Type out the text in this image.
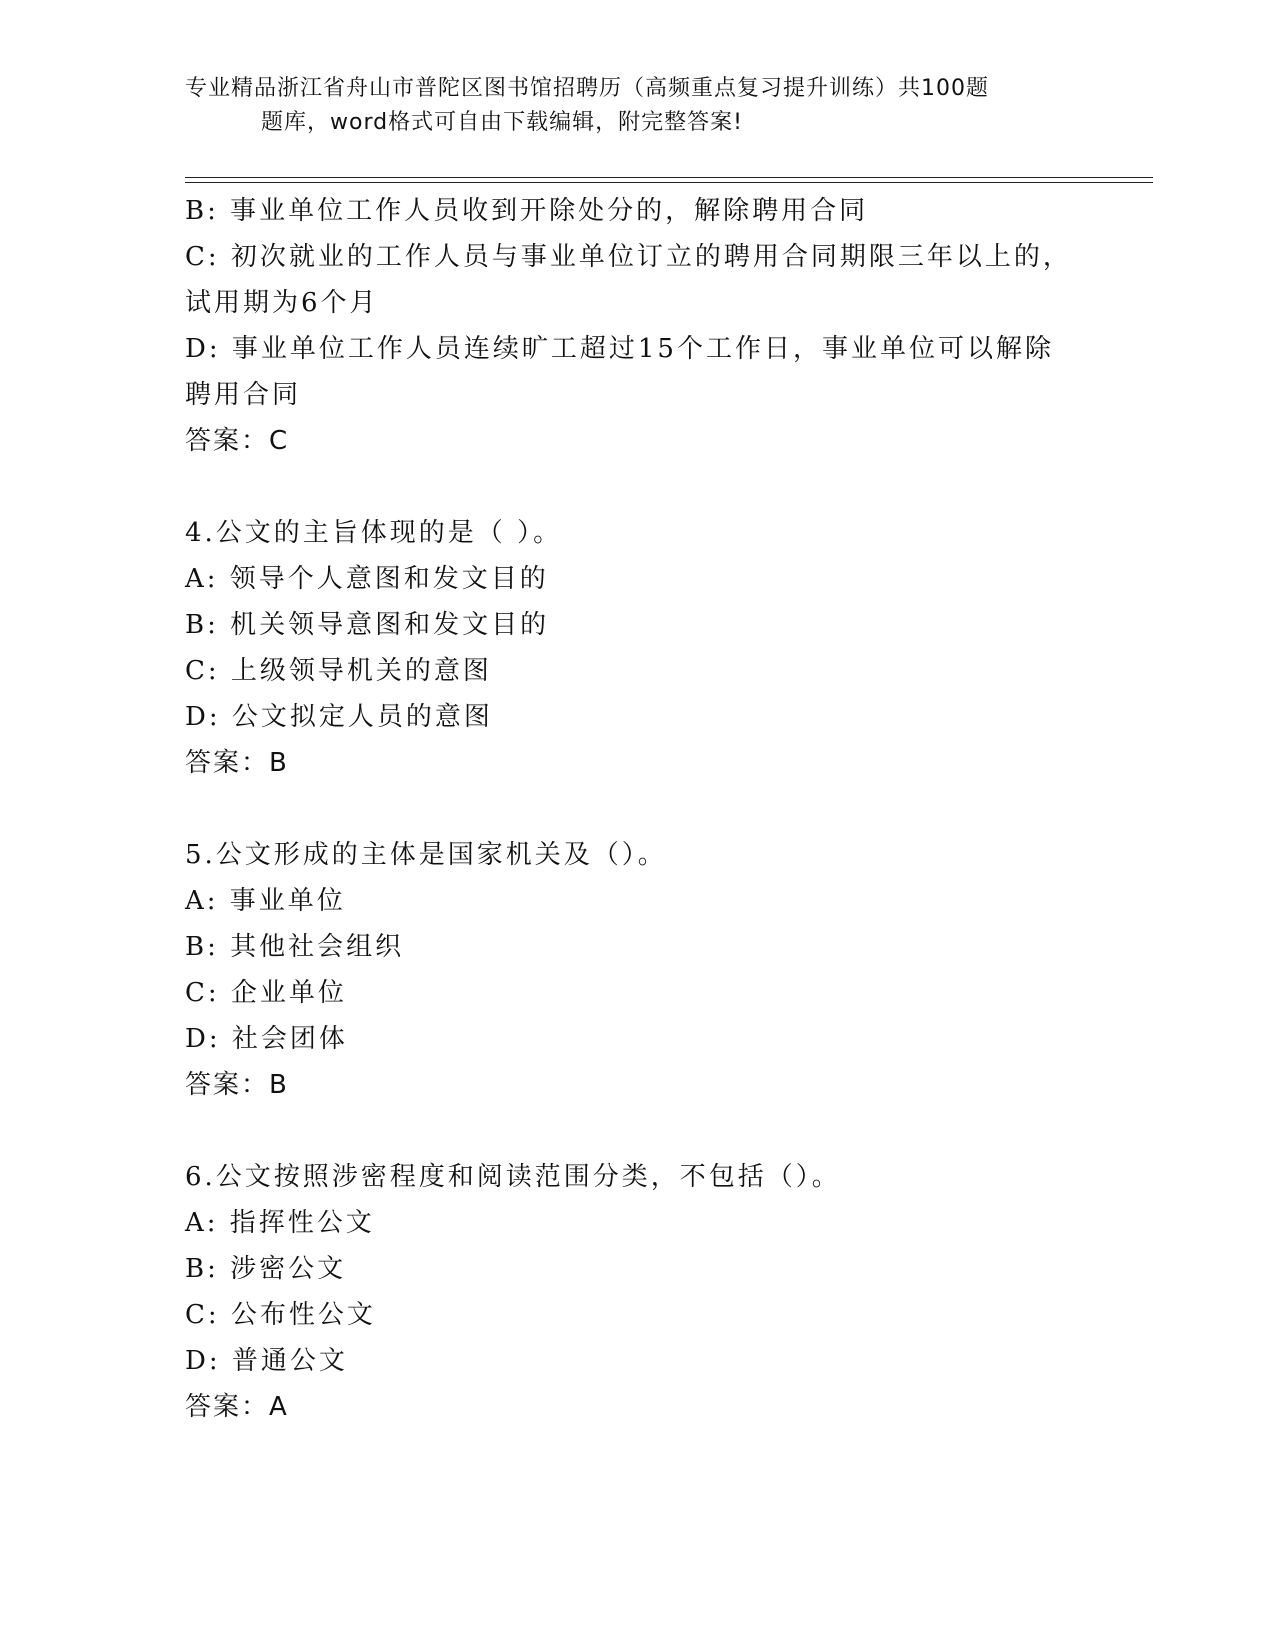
专业精品浙江省舟山市普陀区图书馆招聘历（高频重点复习提升训练）共100题
题库，word格式可自由下载编辑，附完整答案!
B: 事业单位工作人员收到开除处分的，解除聘用合同
C: 初次就业的工作人员与事业单位订立的聘用合同期限三年以上的，
试用期为6个月
D: 事业单位工作人员连续旷工超过15个工作日，事业单位可以解除
聘用合同
答案：C
4.公文的主旨体现的是（ ）。
A: 领导个人意图和发文目的
B: 机关领导意图和发文目的
C: 上级领导机关的意图
D: 公文拟定人员的意图
答案：B
5.公文形成的主体是国家机关及（）。
A: 事业单位
B: 其他社会组织
C: 企业单位
D: 社会团体
答案：B
6.公文按照涉密程度和阅读范围分类，不包括（）。
A: 指挥性公文
B: 涉密公文
C: 公布性公文
D: 普通公文
答案：A
